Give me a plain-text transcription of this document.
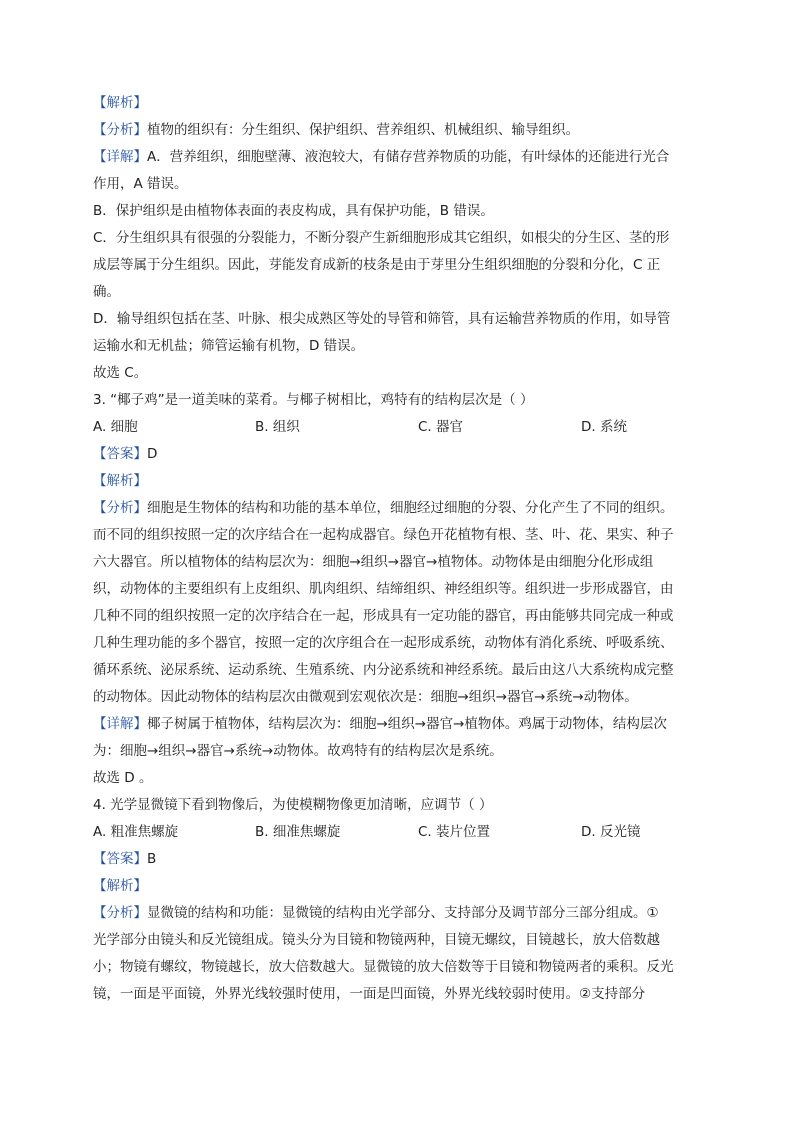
【解析】
【分析】植物的组织有：分生组织、保护组织、营养组织、机械组织、输导组织。
【详解】A．营养组织，细胞壁薄、液泡较大，有储存营养物质的功能，有叶绿体的还能进行光合
作用，A 错误。
B．保护组织是由植物体表面的表皮构成，具有保护功能，B 错误。
C．分生组织具有很强的分裂能力，不断分裂产生新细胞形成其它组织，如根尖的分生区、茎的形
成层等属于分生组织。因此，芽能发育成新的枝条是由于芽里分生组织细胞的分裂和分化，C 正
确。
D．输导组织包括在茎、叶脉、根尖成熟区等处的导管和筛管，具有运输营养物质的作用，如导管
运输水和无机盐；筛管运输有机物，D 错误。
故选 C。
3. “椰子鸡”是一道美味的菜肴。与椰子树相比，鸡特有的结构层次是（ ）
A. 细胞	B. 组织	C. 器官	D. 系统
【答案】D
【解析】
【分析】细胞是生物体的结构和功能的基本单位，细胞经过细胞的分裂、分化产生了不同的组织。
而不同的组织按照一定的次序结合在一起构成器官。绿色开花植物有根、茎、叶、花、果实、种子
六大器官。所以植物体的结构层次为：细胞→组织→器官→植物体。动物体是由细胞分化形成组
织，动物体的主要组织有上皮组织、肌肉组织、结缔组织、神经组织等。组织进一步形成器官，由
几种不同的组织按照一定的次序结合在一起，形成具有一定功能的器官，再由能够共同完成一种或
几种生理功能的多个器官，按照一定的次序组合在一起形成系统，动物体有消化系统、呼吸系统、
循环系统、泌尿系统、运动系统、生殖系统、内分泌系统和神经系统。最后由这八大系统构成完整
的动物体。因此动物体的结构层次由微观到宏观依次是：细胞→组织→器官→系统→动物体。
【详解】椰子树属于植物体，结构层次为：细胞→组织→器官→植物体。鸡属于动物体，结构层次
为：细胞→组织→器官→系统→动物体。故鸡特有的结构层次是系统。
故选 D 。
4. 光学显微镜下看到物像后，为使模糊物像更加清晰，应调节（ ）
A. 粗准焦螺旋	B. 细准焦螺旋	C. 装片位置	D. 反光镜
【答案】B
【解析】
【分析】显微镜的结构和功能：显微镜的结构由光学部分、支持部分及调节部分三部分组成。①
光学部分由镜头和反光镜组成。镜头分为目镜和物镜两种，目镜无螺纹，目镜越长，放大倍数越
小；物镜有螺纹，物镜越长，放大倍数越大。显微镜的放大倍数等于目镜和物镜两者的乘积。反光
镜，一面是平面镜，外界光线较强时使用，一面是凹面镜，外界光线较弱时使用。②支持部分
